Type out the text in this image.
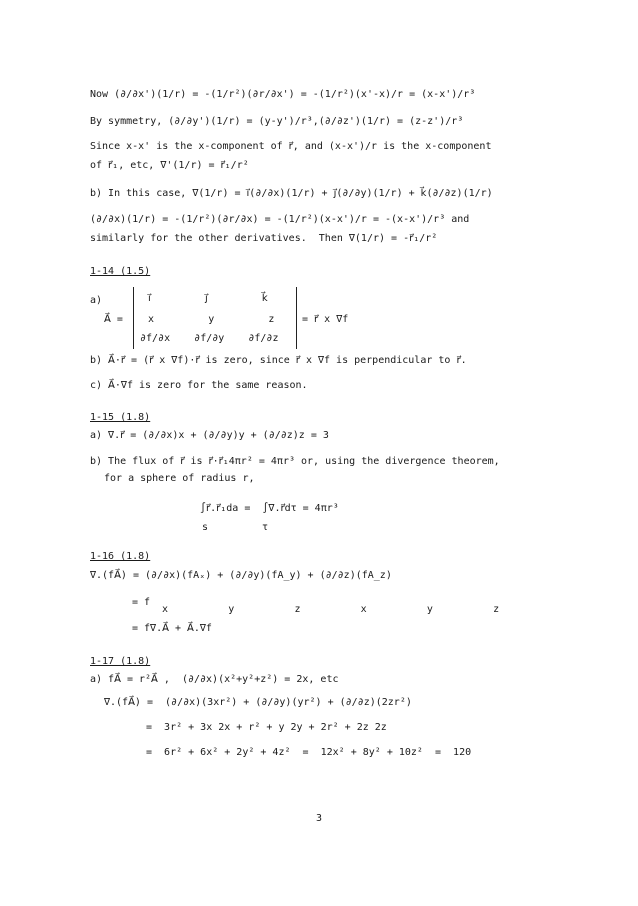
Now (∂/∂x')(1/r) = -(1/r²)(∂r/∂x') = -(1/r²)(x'-x)/r = (x-x')/r³
By symmetry, (∂/∂y')(1/r) = (y-y')/r³,(∂/∂z')(1/r) = (z-z')/r³
Since x-x' is the x-component of r⃗, and (x-x')/r is the x-component
of r⃗₁, etc, ∇'(1/r) = r⃗₁/r²
b) In this case, ∇(1/r) = i⃗(∂/∂x)(1/r) + j⃗(∂/∂y)(1/r) + k⃗(∂/∂z)(1/r)
(∂/∂x)(1/r) = -(1/r²)(∂r/∂x) = -(1/r²)(x-x')/r = -(x-x')/r³ and
similarly for the other derivatives.  Then ∇(1/r) = -r⃗₁/r²
1-14 (1.5)
a)	i⃗         j⃗         k⃗
A⃗ =	x         y         z	= r⃗ x ∇f
∂f/∂x    ∂f/∂y    ∂f/∂z
b) A⃗·r⃗ = (r⃗ x ∇f)·r⃗ is zero, since r⃗ x ∇f is perpendicular to r⃗.
c) A⃗·∇f is zero for the same reason.
1-15 (1.8)
a) ∇.r⃗ = (∂/∂x)x + (∂/∂y)y + (∂/∂z)z = 3
b) The flux of r⃗ is r⃗·r⃗₁4πr² = 4πr³ or, using the divergence theorem,
for a sphere of radius r,
∫r⃗.r⃗₁da =  ∫∇.r⃗dτ = 4πr³
s	τ
1-16 (1.8)
∇.(fA⃗) = (∂/∂x)(fAₓ) + (∂/∂y)(fA_y) + (∂/∂z)(fA_z)
= f
x          y          z          x          y          z
= f∇.A⃗ + A⃗.∇f
1-17 (1.8)
a) fA⃗ = r²A⃗ ,  (∂/∂x)(x²+y²+z²) = 2x, etc
∇.(fA⃗) =  (∂/∂x)(3xr²) + (∂/∂y)(yr²) + (∂/∂z)(2zr²)
=  3r² + 3x 2x + r² + y 2y + 2r² + 2z 2z
=  6r² + 6x² + 2y² + 4z²  =  12x² + 8y² + 10z²  =  120
3
